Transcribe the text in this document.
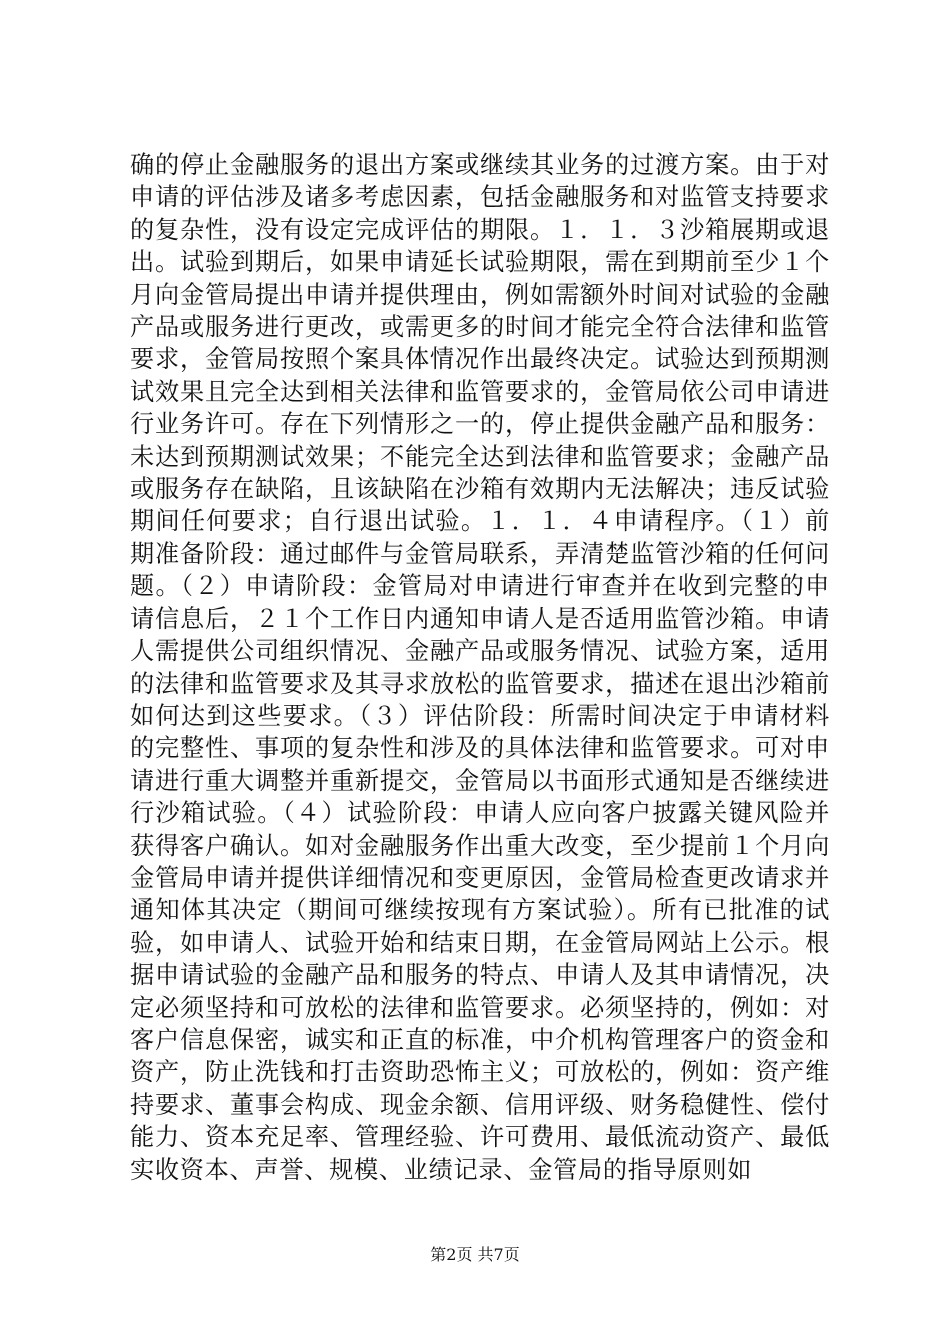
确的停止金融服务的退出方案或继续其业务的过渡方案。由于对申请的评估涉及诸多考虑因素，包括金融服务和对监管支持要求的复杂性，没有设定完成评估的期限。１．１．３沙箱展期或退出。试验到期后，如果申请延长试验期限，需在到期前至少１个月向金管局提出申请并提供理由，例如需额外时间对试验的金融产品或服务进行更改，或需更多的时间才能完全符合法律和监管要求，金管局按照个案具体情况作出最终决定。试验达到预期测试效果且完全达到相关法律和监管要求的，金管局依公司申请进行业务许可。存在下列情形之一的，停止提供金融产品和服务：未达到预期测试效果；不能完全达到法律和监管要求；金融产品或服务存在缺陷，且该缺陷在沙箱有效期内无法解决；违反试验期间任何要求；自行退出试验。１．１．４申请程序。（１）前期准备阶段：通过邮件与金管局联系，弄清楚监管沙箱的任何问题。（２）申请阶段：金管局对申请进行审查并在收到完整的申请信息后，２１个工作日内通知申请人是否适用监管沙箱。申请人需提供公司组织情况、金融产品或服务情况、试验方案，适用的法律和监管要求及其寻求放松的监管要求，描述在退出沙箱前如何达到这些要求。（３）评估阶段：所需时间决定于申请材料的完整性、事项的复杂性和涉及的具体法律和监管要求。可对申请进行重大调整并重新提交，金管局以书面形式通知是否继续进行沙箱试验。（４）试验阶段：申请人应向客户披露关键风险并获得客户确认。如对金融服务作出重大改变，至少提前１个月向金管局申请并提供详细情况和变更原因，金管局检查更改请求并通知体其决定（期间可继续按现有方案试验）。所有已批准的试验，如申请人、试验开始和结束日期，在金管局网站上公示。根据申请试验的金融产品和服务的特点、申请人及其申请情况，决定必须坚持和可放松的法律和监管要求。必须坚持的，例如：对客户信息保密，诚实和正直的标准，中介机构管理客户的资金和资产，防止洗钱和打击资助恐怖主义；可放松的，例如：资产维持要求、董事会构成、现金余额、信用评级、财务稳健性、偿付能力、资本充足率、管理经验、许可费用、最低流动资产、最低实收资本、声誉、规模、业绩记录、金管局的指导原则如

第2页 共7页
